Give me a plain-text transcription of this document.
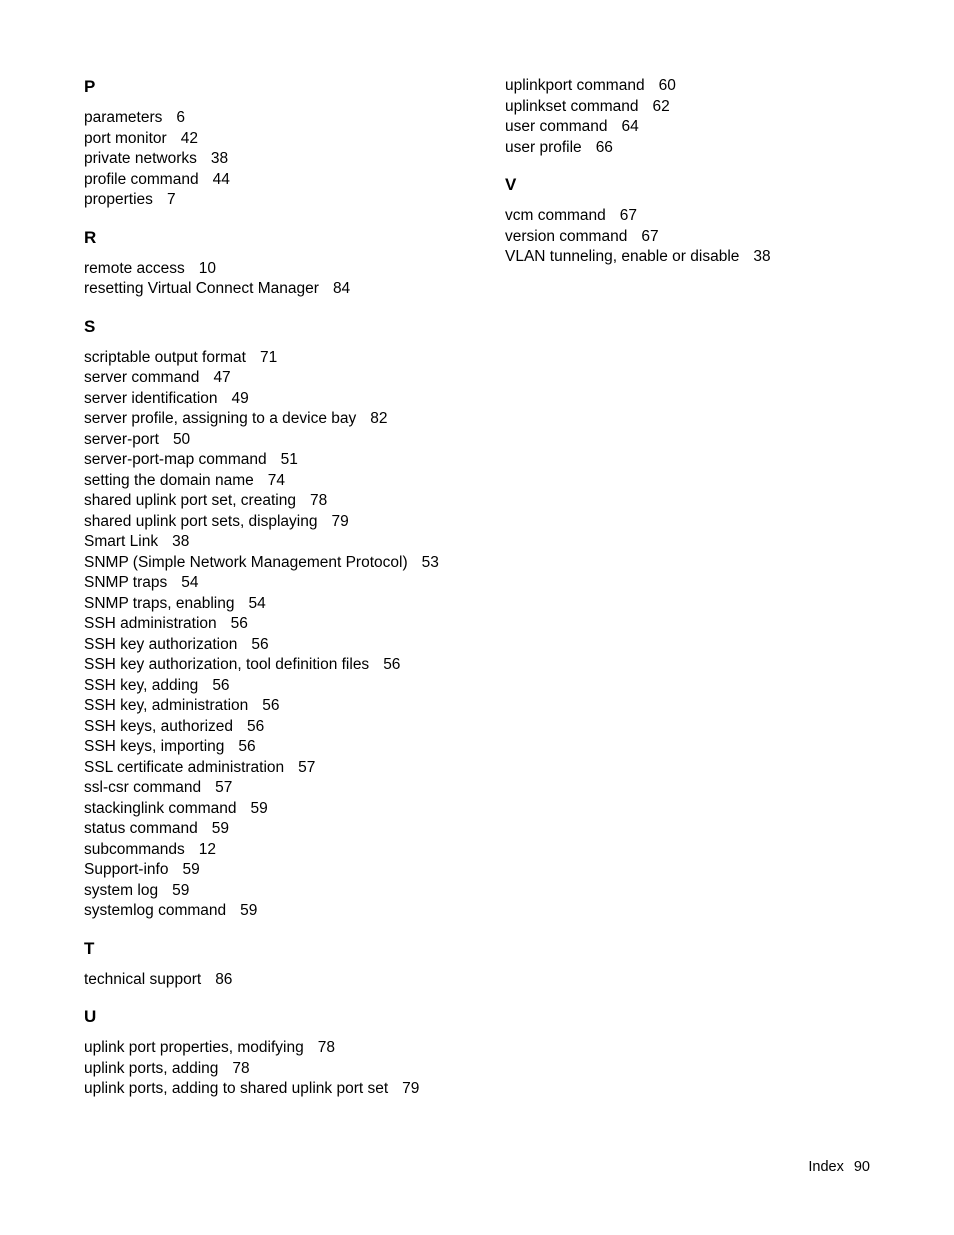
P
parameters 6
port monitor 42
private networks 38
profile command 44
properties 7
R
remote access 10
resetting Virtual Connect Manager 84
S
scriptable output format 71
server command 47
server identification 49
server profile, assigning to a device bay 82
server-port 50
server-port-map command 51
setting the domain name 74
shared uplink port set, creating 78
shared uplink port sets, displaying 79
Smart Link 38
SNMP (Simple Network Management Protocol) 53
SNMP traps 54
SNMP traps, enabling 54
SSH administration 56
SSH key authorization 56
SSH key authorization, tool definition files 56
SSH key, adding 56
SSH key, administration 56
SSH keys, authorized 56
SSH keys, importing 56
SSL certificate administration 57
ssl-csr command 57
stackinglink command 59
status command 59
subcommands 12
Support-info 59
system log 59
systemlog command 59
T
technical support 86
U
uplink port properties, modifying 78
uplink ports, adding 78
uplink ports, adding to shared uplink port set 79
uplinkport command 60
uplinkset command 62
user command 64
user profile 66
V
vcm command 67
version command 67
VLAN tunneling, enable or disable 38
Index 90
